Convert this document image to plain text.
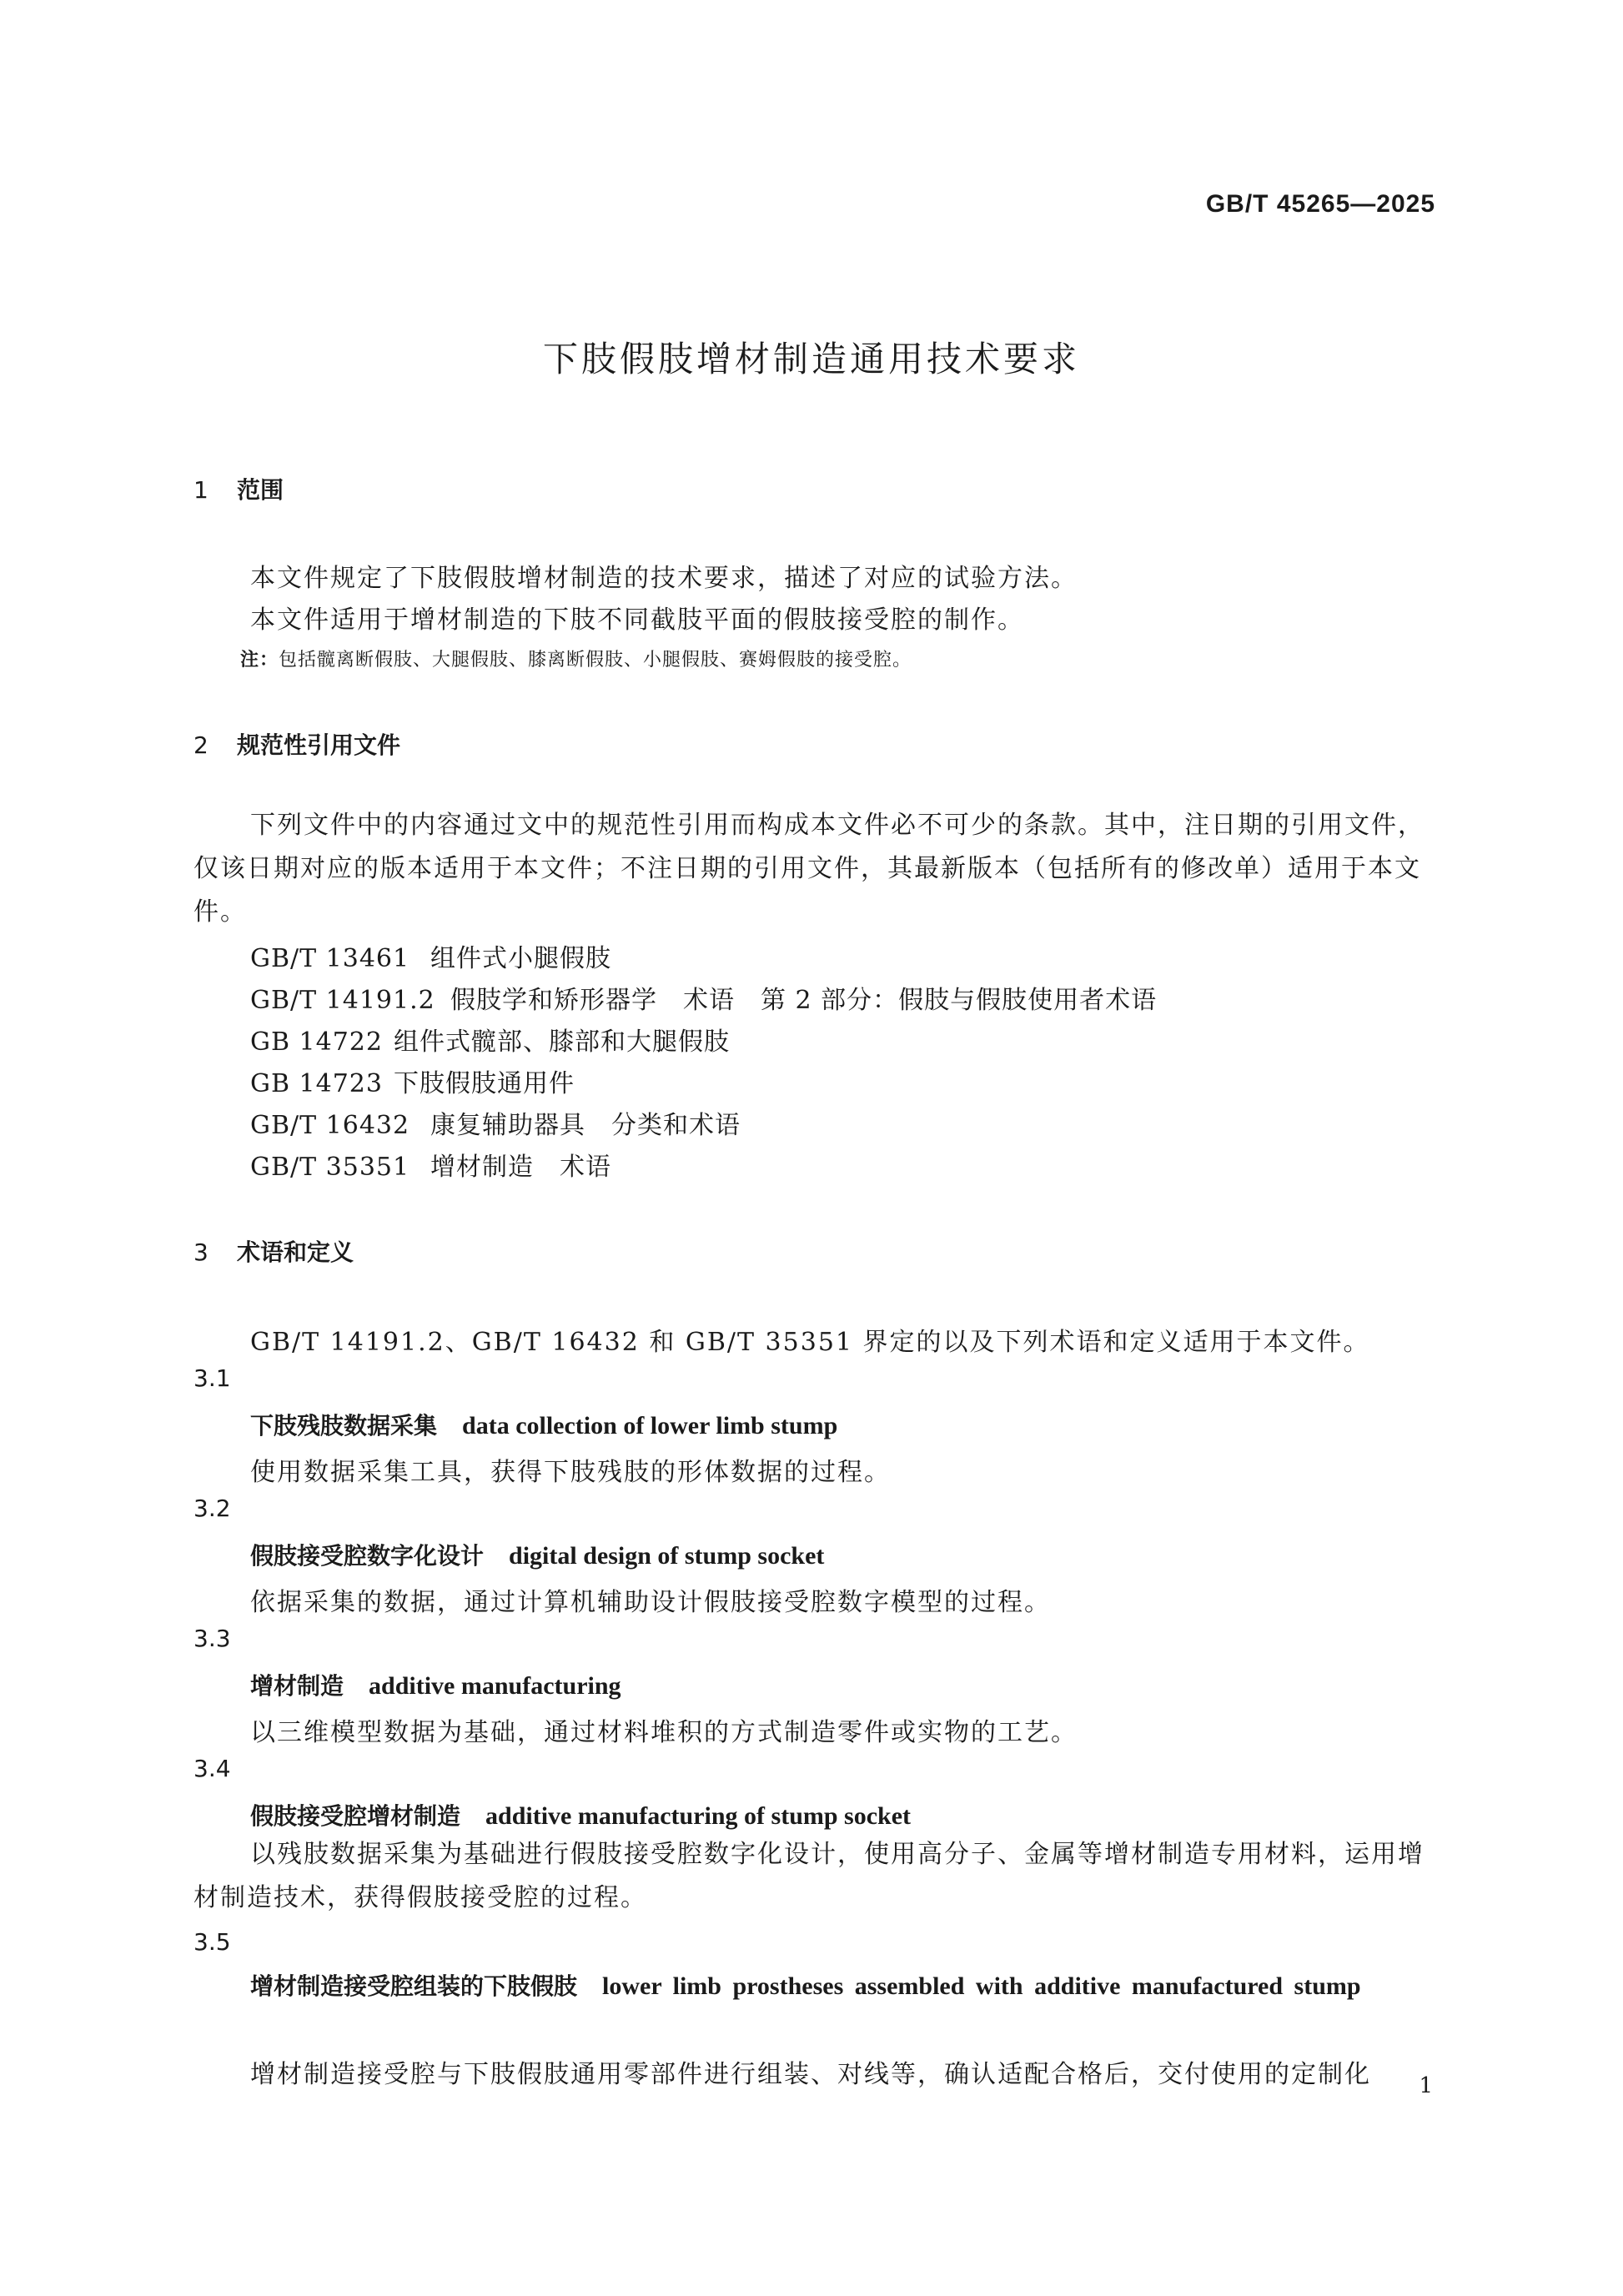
GB/T 45265—2025
下肢假肢增材制造通用技术要求
1 范围
本文件规定了下肢假肢增材制造的技术要求，描述了对应的试验方法。
本文件适用于增材制造的下肢不同截肢平面的假肢接受腔的制作。
注：包括髋离断假肢、大腿假肢、膝离断假肢、小腿假肢、赛姆假肢的接受腔。
2 规范性引用文件
下列文件中的内容通过文中的规范性引用而构成本文件必不可少的条款。其中，注日期的引用文件，仅该日期对应的版本适用于本文件；不注日期的引用文件，其最新版本（包括所有的修改单）适用于本文件。
GB/T 13461 组件式小腿假肢
GB/T 14191.2 假肢学和矫形器学　术语　第 2 部分：假肢与假肢使用者术语
GB 14722 组件式髋部、膝部和大腿假肢
GB 14723 下肢假肢通用件
GB/T 16432 康复辅助器具　分类和术语
GB/T 35351 增材制造　术语
3 术语和定义
GB/T 14191.2、GB/T 16432 和 GB/T 35351 界定的以及下列术语和定义适用于本文件。
3.1
下肢残肢数据采集 data collection of lower limb stump
使用数据采集工具，获得下肢残肢的形体数据的过程。
3.2
假肢接受腔数字化设计 digital design of stump socket
依据采集的数据，通过计算机辅助设计假肢接受腔数字模型的过程。
3.3
增材制造 additive manufacturing
以三维模型数据为基础，通过材料堆积的方式制造零件或实物的工艺。
3.4
假肢接受腔增材制造 additive manufacturing of stump socket
以残肢数据采集为基础进行假肢接受腔数字化设计，使用高分子、金属等增材制造专用材料，运用增材制造技术，获得假肢接受腔的过程。
3.5
增材制造接受腔组装的下肢假肢 lower limb prostheses assembled with additive manufactured stump
增材制造接受腔与下肢假肢通用零部件进行组装、对线等，确认适配合格后，交付使用的定制化 1
